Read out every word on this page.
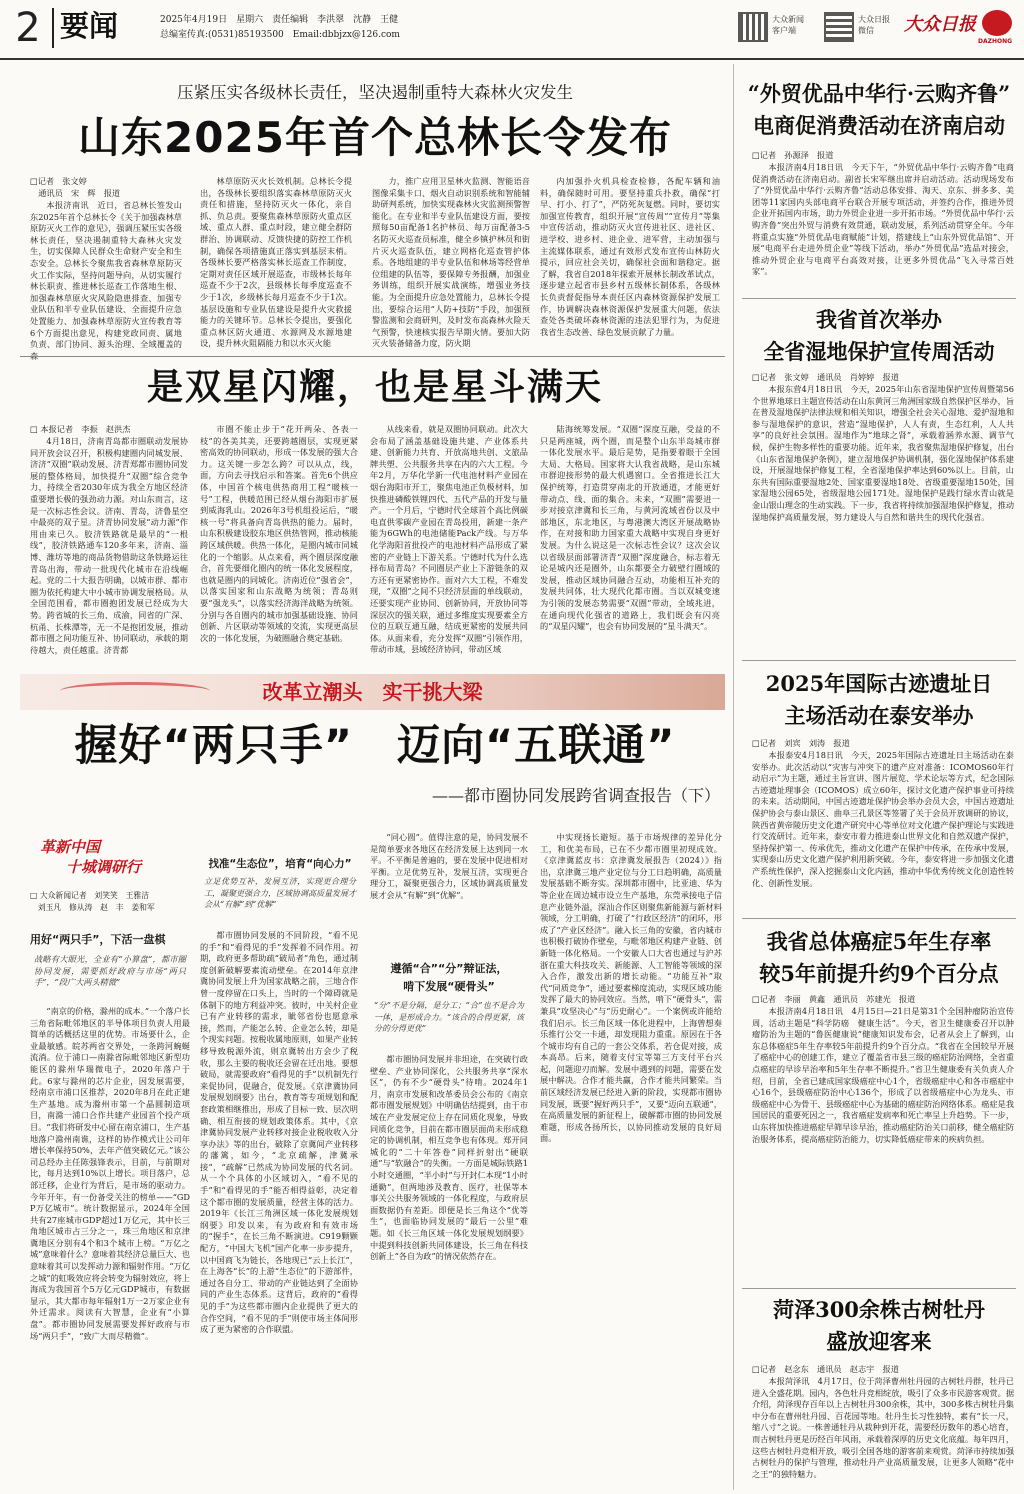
2 要闻	2025年4月19日　星期六　责任编辑　李洪翠　沈静　王健
总编室传真:(0531)85193500　Email:dbbjzx@126.com
大众新闻
客户端
大众日报
微信	大众日报
DAZHONG
压紧压实各级林长责任，坚决遏制重特大森林火灾发生
山东2025年首个总林长令发布
□记者　张文婷
　通讯员　宋　辉　报道
本报济南讯　近日，省总林长签发山东2025年首个总林长令《关于加强森林草原防灭火工作的意见》，强调压紧压实各级林长责任，坚决遏制重特大森林火灾发生，切实保障人民群众生命财产安全和生态安全。总林长令聚焦我省森林草原防灭火工作实际，坚持问题导向，从切实履行林长职责、推进林长巡查工作落地生根、加强森林草原火灾风险隐患排查、加强专业队伍和半专业队伍建设、全面提升应急处置能力、加强森林草原防火宣传教育等6个方面提出意见，构建党政同责、属地负责、部门协同、源头治理、全域覆盖的森
林草原防灭火长效机制。总林长令提出，各级林长要组织落实森林草原防灭火责任和措施，坚持防灭火一体化，亲自抓、负总责。要聚焦森林草原防火重点区域、重点人群、重点时段，建立健全群防群治、协调联动、反馈快捷的防控工作机制，确保各项措施真正落实到基层末梢。各级林长要严格落实林长巡查工作制度，定期对责任区域开展巡查，市级林长每年巡查不少于2次，县级林长每季度巡查不少于1次，乡级林长每月巡查不少于1次。基层设施和专业队伍建设是提升火灾救援能力的关键环节。总林长令提出，要强化重点林区防火通道、水源网及水源地建设，提升林火阻隔能力和以水灭火能
力，推广应用卫星林火监测、智能语音图像采集卡口、烟火自动识别系统和智能辅助研判系统，加快实现森林火灾监测预警智能化。在专业和半专业队伍建设方面，要按照每50亩配备1名护林员、每万亩配备3-5名防灭火巡查员标准，健全乡镇护林员和街片灭火巡查队伍，建立网格化巡查管护体系。各地组建的半专业队伍和林场等经营单位组建的队伍等，要保障专务报酬，加强业务训练，组织开展实战演练，增强业务技能。为全面提升应急处置能力，总林长令提出，要综合运用“人防+技防”手段，加强预警监测和会商研判，及时发布高森林火险天气预警，快速核实报告早期火情。要加大防灭火装备储备力度，防火期
内加强扑火机具检查检修，各配车辆和油料，确保随时可用。要坚持重兵扑救，确保“打早、打小、打了”，严防死灰复燃。同时，要切实加强宣传教育，组织开展“宣传周”“宣传月”等集中宣传活动，推动防灭火宣传进社区、进社区、进学校、进乡村、进企业、进军营，主动加强与主流媒体联系，通过有效形式发布宣传山林防火提示，回应社会关切，确保社会面和谐稳定。据了解，我省自2018年探索开展林长制改革试点，逐步建立起省市县乡村五级林长制体系，各级林长负责督促指导本责任区内森林资源保护发展工作，协调解决森林资源保护发展重大问题，依法查处各类破坏森林资源的违法犯罪行为，为促进我省生态改善、绿色发展贡献了力量。
是双星闪耀，也是星斗满天
□ 本报记者　李振　赵洪杰
4月18日，济南青岛都市圈联动发展协同开放会议召开，积极构建圈内同城发展、济济“双圈”联动发展、济青郑都市圈协同发展的整体格局，加快提升“双圈”综合竞争力，持续全省2030年成为我全方地区经济重要增长极的强劲动力源。对山东而言，这是一次标志性会议。济南、青岛，济鲁星空中最亮的双子星。济青协同发展“动力源”作用由来已久。胶济铁路就是最早的“一根线”，胶济铁路通车120多年来，济南、淄博、潍坊等地的商品货物借助这条铁路运往青岛出海，带动一批现代化城市在沿线崛起。党的二十大报告明确，以城市群、都市圈为依托构建大中小城市协调发展格局。从全国范围看，都市圈抱团发展已经成为大势。跨省城的长三角、成渝，同省的广深、杭甬、长株潭等，无一不是抱团发展，推动都市圈之间功能互补、协同联动，承载的期待越大，责任越重。济青都
市圈不能止步于“花开两朵、各表一枝”的各美其美，还要跨越圈层，实现更紧密高效的协同联动，形成一体发展的强大合力。这关键一步怎么跨？可以从点，线，面，方向去寻找启示和答案。首先6个供应体，中国首个核电供热商用工程“暖核一号”工程，供暖范围已经从烟台海阳市扩展到威海乳山。2026年3号机组投运后，“暖核一号”将具备向青岛供热的能力。届时，山东积极建设胶东地区供热管网，推动核能跨区域供暖。供热一体化，是圈内城市同城化的一个缩影。从点来看，两个圈层深度融合，首先要细化圈内的统一体化发展程度，也就是圈内的同城化。济南近位“强省会”，以落实国家和山东战略为统领；青岛则要“强龙头”，以落实经济海洋战略为统领。分别与各自圈内的城市加强基础设施、协同创新、片区联动等领域的交流，实现更高层次的一体化发展，为破圈融合奠定基础。
从线来看，就是双圈协同联动。此次大会布局了涵盖基础设施共建、产业体系共建、创新能力共育、开放高地共创、文旅品牌共塑、公共服务共享在内的六大工程。今年2月，万华化学新一代电池材料产业园在烟台海阳市开工，聚焦电池正负极材料，加快推进磷酸铁锂四代、五代产品的开发与量产。一个月后，宁德时代全球首个高比例碳电直供零碳产业园在青岛投用，新建一条产能为6GWh的电池储能Pack产线。与万华化学海阳首批投产的电池材料产品形成了紧密的产业链上下游关系。宁德时代为什么选择布局青岛？不同圈层产业上下游链条的双方还有更紧密协作。面对六大工程，不难发现，“双圈”之间不只经济层面的单线联动，还要实现产业协同、创新协同，开放协同等深层次的强关联，通过多维度实现要素全方位的互联互通互融，结成更紧密的发展共同体。从面来看，充分发挥“双圈”引领作用，带动市域，县域经济协同，带动区域
陆海统筹发展。“双圈”深度互融，受益的不只是两座城，两个圈，而是整个山东半岛城市群一体化发展水平。最后是势，是指要着眼于全国大局、大格局。国家将大认我省战略，是山东城市群迎接形势的最大机遇窗口。全省推进长江大保护统筹，打造贯穿南北的开放通道，才能更好带动点、线、面的集合。未来，“双圈”需要进一步对接京津冀和长三角，与黄河流域省份以及中部地区，东北地区，与粤港澳大湾区开展战略协作，在对接和助力国家重大战略中实现自身更好发展。为什么说这是一次标志性会议？这次会议以省级层面部署济青“双圈”深度融合，标志着无论是城内还是圈外，山东都要全力破壁行圈域的发展，推动区域协同融合互动，功能相互补充的发展共同体，壮大现代化都市圈。当以双城变速为引领的发展态势需要“双圈”带动，全域兆进，在通向现代化强省的道路上，我们既会有闪亮的“双星闪耀”，也会有协同发展的“星斗满天”。
改革立潮头　实干挑大梁
握好“两只手”　迈向“五联通”
——都市圈协同发展跨省调查报告（下）
革新中国
十城调研行
□ 大众新闻记者　刘笑笑　王雅洁
　刘玉凡　修从涛　赵　丰　姜和军
用好“两只手”，下活一盘棋
战略有大眼光，全业有“小算盘”，都市圈协同发展，需要抓好政府与市场“两只手”，“段广大两头精微”
“南京的价格，滁州的成本。”一个落户长三角省际毗邻地区的半导体项目负责人用最简单的话概括这里的优势。市场要什么，企业最敏感。皖苏两省交界处，一条跨河蜿蜒流淌。位于浦口—南滁省际毗邻地区新型功能区的滁州华瑞微电子，2020年落户于此。6家与滁州的芯片企业，因发展需要，经南京市浦口区推荐，2020年8月在此正建生产基地。成为滁州市第一个晶圆制造项目，南滁一浦口合作共建产业园首个投产项目。“我们将研发中心留在南京浦口，生产基地落户滁州南谯，这样的协作模式让公司年增长率保持50%，去年产值突破亿元。”该公司总经办主任陈强锋表示，目前，与前期对比，每月达到10%以上增长。项目落户，总部迁移，企业行为背后，是市场的驱动力。今年开年，有一份备受关注的榜单——“GDP万亿城市”。统计数据显示，2024年全国共有27座城市GDP超过1万亿元，其中长三角地区城市占三分之一，珠三角地区和京津冀地区分别有4个和3个城市上榜。“万亿之城”意味着什么？意味着其经济总量巨大、也意味着其可以发挥动力源和辐射作用。“万亿之城”的虹吸效应将会转变为辐射效应，将上海成为我国首个5万亿元GDP城市，有数据显示，其大都市每年辐射1万一2万家企业有外迁需求。阅读有大智慧，企业有“小算盘”。都市圈协同发展需要发挥好政府与市场“两只手”，“致广大而尽精微”。
找准“生态位”，培育“向心力”
立足优势互补，发展互济，实现更合理分工，凝聚更强合力，区域协调高质量发展才会从“有解”到“优解”
都市圈协同发展的不同阶段，“看不见的手”和“看得见的手”发挥着不同作用。初期，政府更多帮助疏“破局者”角色，通过制度创新破解要素流动壁垒。在2014年京津冀协同发展上升为国家战略之前，三地合作曾一度停留在口头上，当时的一个障碍就是体制下的地方利益冲突。彼时，中关村企业已有产业转移的需求，眦邻省份也愿意承接，然而，产能怎么转、企业怎么转，却是个现实问题。按税收属地原则，如果产业转移导致税源外流，则京冀转出方会少了税收，那么主要的税收还会留在迁出地。要想破局，就需要政府“看得见的手”以机制先行来促协同，促融合，促发展。《京津冀协同发展规划纲要》出台，教育等专项规划和配套政策相继推出，形成了目标一致、层次明确、相互衔接的规划政策体系。其中，《京津冀协同发展产业转移对接企业税收收入分享办法》等的出台，破除了京冀间产业转移的藩篱，如今，“北京疏解，津冀承接”，“疏解”已然成为协同发展的代名词。从一个个具体的小区域切入，“看不见的手”和“看得见的手”能否相得益彰，决定着这个都市圈的发展质量，经营主体的活力。2019年《长江三角洲区域一体化发展规划纲要》印发以来，有为政府和有效市场的“握手”，在长三角不断演进。C919颗颗配方，“中国大飞机”国产化率一步步提升，以中国商飞为链长，各地现已“云上长江”，在上海各“长”的上游“生态位”的下游部件，通过各自分工、带动的产业链达到了全面协同的产业生态体系。这背后，政府的“看得见的手”为这些都市圈内企业提供了更大的合作空间，“看不见的手”则使市场主体间形成了更为紧密的合作联盟。
“同心圆”。值得注意的是，协同发展不是简单要求各地区在经济发展上达到同一水平。不平衡是普遍的，要在发展中促进相对平衡。立足优势互补，发展互济，实现更合理分工，凝聚更强合力，区域协调高质量发展才会从“有解”到“优解”。
遵循“合”“分”辩证法，
啃下发展“硬骨头”
“分”不是分隔，是分工；“合”也不是合为一体，是形成合力。“该合的合得更紧，该分的分得更优”
都市圈协同发展并非坦途，在突破行政壁垒、产业协同深化，公共服务共享“深水区”，仍有不少“硬骨头”待啃。2024年1月，南京市发展和改革委员会公布的《南京都市圈发展规划》中明确估结提到，由于市域在产业发展定位上存在同质化现象，导致同质化竞争，目前在都市圈层面尚未形成稳定的协调机制，相互竞争也有体现。郑开同城化的“二十年答卷”同样折射出“硬联通”与“软融合”的失衡。一方面是城际铁路1小时交通圈，“半小时”与开封仁本现“1小时通勤”，但两地涉及教育、医疗，社保等本事关公共服务领域的一体化程度，与政府层面数据仍有差距。即便是长三角这个“优等生”，也面临协同发展的“最后一公里”难题。如《长三角区域一体化发展规划纲要》中提到科技创新共同体建设，长三角在科技创新上“各自为政”的情况依然存在。
中实现扬长避短。基于市场规律的差异化分工，和优美布局，已在不少都市圈里初现成效。《京津冀蓝皮书：京津冀发展报告（2024）》指出，京津冀三地产业定位与分工日趋明确，高质量发展基础不断夯实。深圳都市圈中，比亚迪、华为等企业在周边城市设立生产基地，东莞承接电子信息产业链外溢，深汕合作区则聚焦新能源与新材料领域，分工明确，打破了“行政区经济”的闭环，形成了“产业区经济”。融入长三角的安徽，省内城市也积极打破协作壁垒，与毗邻地区构建产业链、创新链一体化格局。一个安徽人口大省也通过与沪苏浙在重大科技攻关、新能源、人工智能等领域的深入合作，激发出新的增长动能。“功能互补”取代“同质竞争”，通过要素梯度流动，实现区域功能发挥了最大的协同效应。当然，啃下“硬骨头”，需兼具“攻坚决心”与“历史耐心”。一个案例或许能给我们启示。长三角区域一体化进程中，上海曾想奏乐推行公交一卡通，却发现阻力重重。原因在于各个城市均有自己的一套公交体系，若仓促对接，成本高昂。后来，随着支付宝等第三方支付平台兴起，问题迎刃而解。发展中遇到的问题，需要在发展中解决。合作才能共赢，合作才能共同繁荣。当前区域经济发展已经进入新的阶段，实现都市圈协同发展，既要“握好两只手”，又要“迈向五联通”，在高质量发展的新征程上，破解都市圈的协同发展难题，形成各扬所长，以协同推动发展的良好局面。
“外贸优品中华行·云购齐鲁”
电商促消费活动在济南启动
□记者　孙源泽　报道
本报济南4月18日讯　今天下午，“外贸优品中华行·云购齐鲁”电商促消费活动在济南启动。副省长宋军继出席并启动活动。活动现场发布了“外贸优品中华行·云购齐鲁”活动总体安排、淘天、京东、拼多多、美团等11家国内头部电商平台联合开展专项活动，并签约合作，推进外贸企业开拓国内市场，助力外贸企业进一步开拓市场。“外贸优品中华行·云购齐鲁”突出外贸与消费有效贯通，联动发展，系列活动贯穿全年。今年将重点实施“外贸优品电商赋能”计划，搭建线上“山东外贸优品馆”、开展“电商平台走进外贸企业”等线下活动，举办“外贸优品”选品对接会，推动外贸企业与电商平台高效对接，让更多外贸优品“飞入寻常百姓家”。
我省首次举办
全省湿地保护宣传周活动
□记者　张文婷　通讯员　肖婷婷　报道
本报东营4月18日讯　今天，2025年山东省湿地保护宣传周暨第56个世界地球日主题宣传活动在山东黄河三角洲国家级自然保护区举办，旨在普及湿地保护法律法规和相关知识，增强全社会关心湿地、爱护湿地和参与湿地保护的意识，营造“湿地保护，人人有责，生态红利，人人共享”的良好社会氛围。湿地作为“地球之肾”，承载着涵养水源、调节气候，保护生物多样性的重要功能。近年来，我省聚焦湿地保护修复，出台《山东省湿地保护条例》，建立湿地保护协调机制，强化湿地保护体系建设，开展湿地保护修复工程，全省湿地保护率达到60%以上。目前，山东共有国际重要湿地2处、国家重要湿地18处、省级重要湿地150处，国家湿地公园65处，省级湿地公园171处。湿地保护是践行绿水青山就是金山银山理念的生动实践。下一步，我省将持续加强湿地保护修复，推动湿地保护高质量发展，努力建设人与自然和谐共生的现代化强省。
2025年国际古迹遗址日
主场活动在泰安举办
□记者　刘宾　刘涛　报道
本报泰安4月18日讯　今天，2025年国际古迹遗址日主场活动在泰安举办。此次活动以“灾害与冲突下的遗产应对准备：ICOMOS60年行动启示”为主题，通过主旨宣讲、图片展览、学术论坛等方式，纪念国际古迹遗址理事会（ICOMOS）成立60年，探讨文化遗产保护事业可持续的未来。活动期间，中国古迹遗址保护协会举办会员大会，中国古迹遗址保护协会与泰山景区、曲阜三孔景区等签署了关于会员开放调研的协议，陕西省黄帝陵历史文化遗产研究中心等单位对文化遗产保护理论与实践进行交流研讨。近年来，泰安市着力推进泰山世界文化和自然双遗产保护，坚持保护第一、传承优先，推动文化遗产在保护中传承，在传承中发展，实现泰山历史文化遗产保护利用新突破。今年，泰安将进一步加强文化遗产系统性保护，深入挖掘泰山文化内涵，推动中华优秀传统文化创造性转化、创新性发展。
我省总体癌症5年生存率
较5年前提升约9个百分点
□记者　李丽　黄鑫　通讯员　苏建光　报道
本报济南4月18日讯　4月15日—21日是第31个全国肿瘤防治宣传周，活动主题是“科学防癌　健康生活”。今天，省卫生健康委召开以肿瘤防治为主题的“鲁医健康说”健康知识发布会，记者从会上了解到，山东总体癌症5年生存率较5年前提升约9个百分点。“我省在全国较早开展了癌症中心的创建工作，建立了覆盖省市县三级的癌症防治网络，全省重点癌症的早诊早治率和5年生存率不断提升。”省卫生健康委有关负责人介绍，目前，全省已建成国家级癌症中心1个，省级癌症中心和各市癌症中心16个，县级癌症防治中心136个，形成了以省级癌症中心为龙头、市级癌症中心为骨干、县级癌症中心为基础的癌症防治网络体系。癌症是我国居民的重要死因之一，我省癌症发病率和死亡率呈上升趋势。下一步，山东将加快推进癌症早筛早诊早治，推动癌症防治关口前移，健全癌症防治服务体系，提高癌症防治能力，切实降低癌症带来的疾病负担。
菏泽300余株古树牡丹
盛放迎客来
□记者　赵念东　通讯员　赵志宇　报道
本报菏泽讯　4月17日，位于菏泽曹州牡丹园的古树牡丹群，牡丹已进入全盛花期。园内，各色牡丹竞相绽放，吸引了众多市民游客观赏。据介绍，菏泽现存百年以上古树牡丹300余株，其中，300多株古树牡丹集中分布在曹州牡丹园、百花园等地。牡丹生长习性独特，素有“长一尺，缩八寸”之说。一株普通牡丹从栽种到开花，需要经历数年的悉心培育，而古树牡丹更是历经百年风雨，承载着深厚的历史文化底蕴。每年四月，这些古树牡丹竞相开放，吸引全国各地的游客前来观赏。菏泽市持续加强古树牡丹的保护与管理，推动牡丹产业高质量发展，让更多人领略“花中之王”的独特魅力。
